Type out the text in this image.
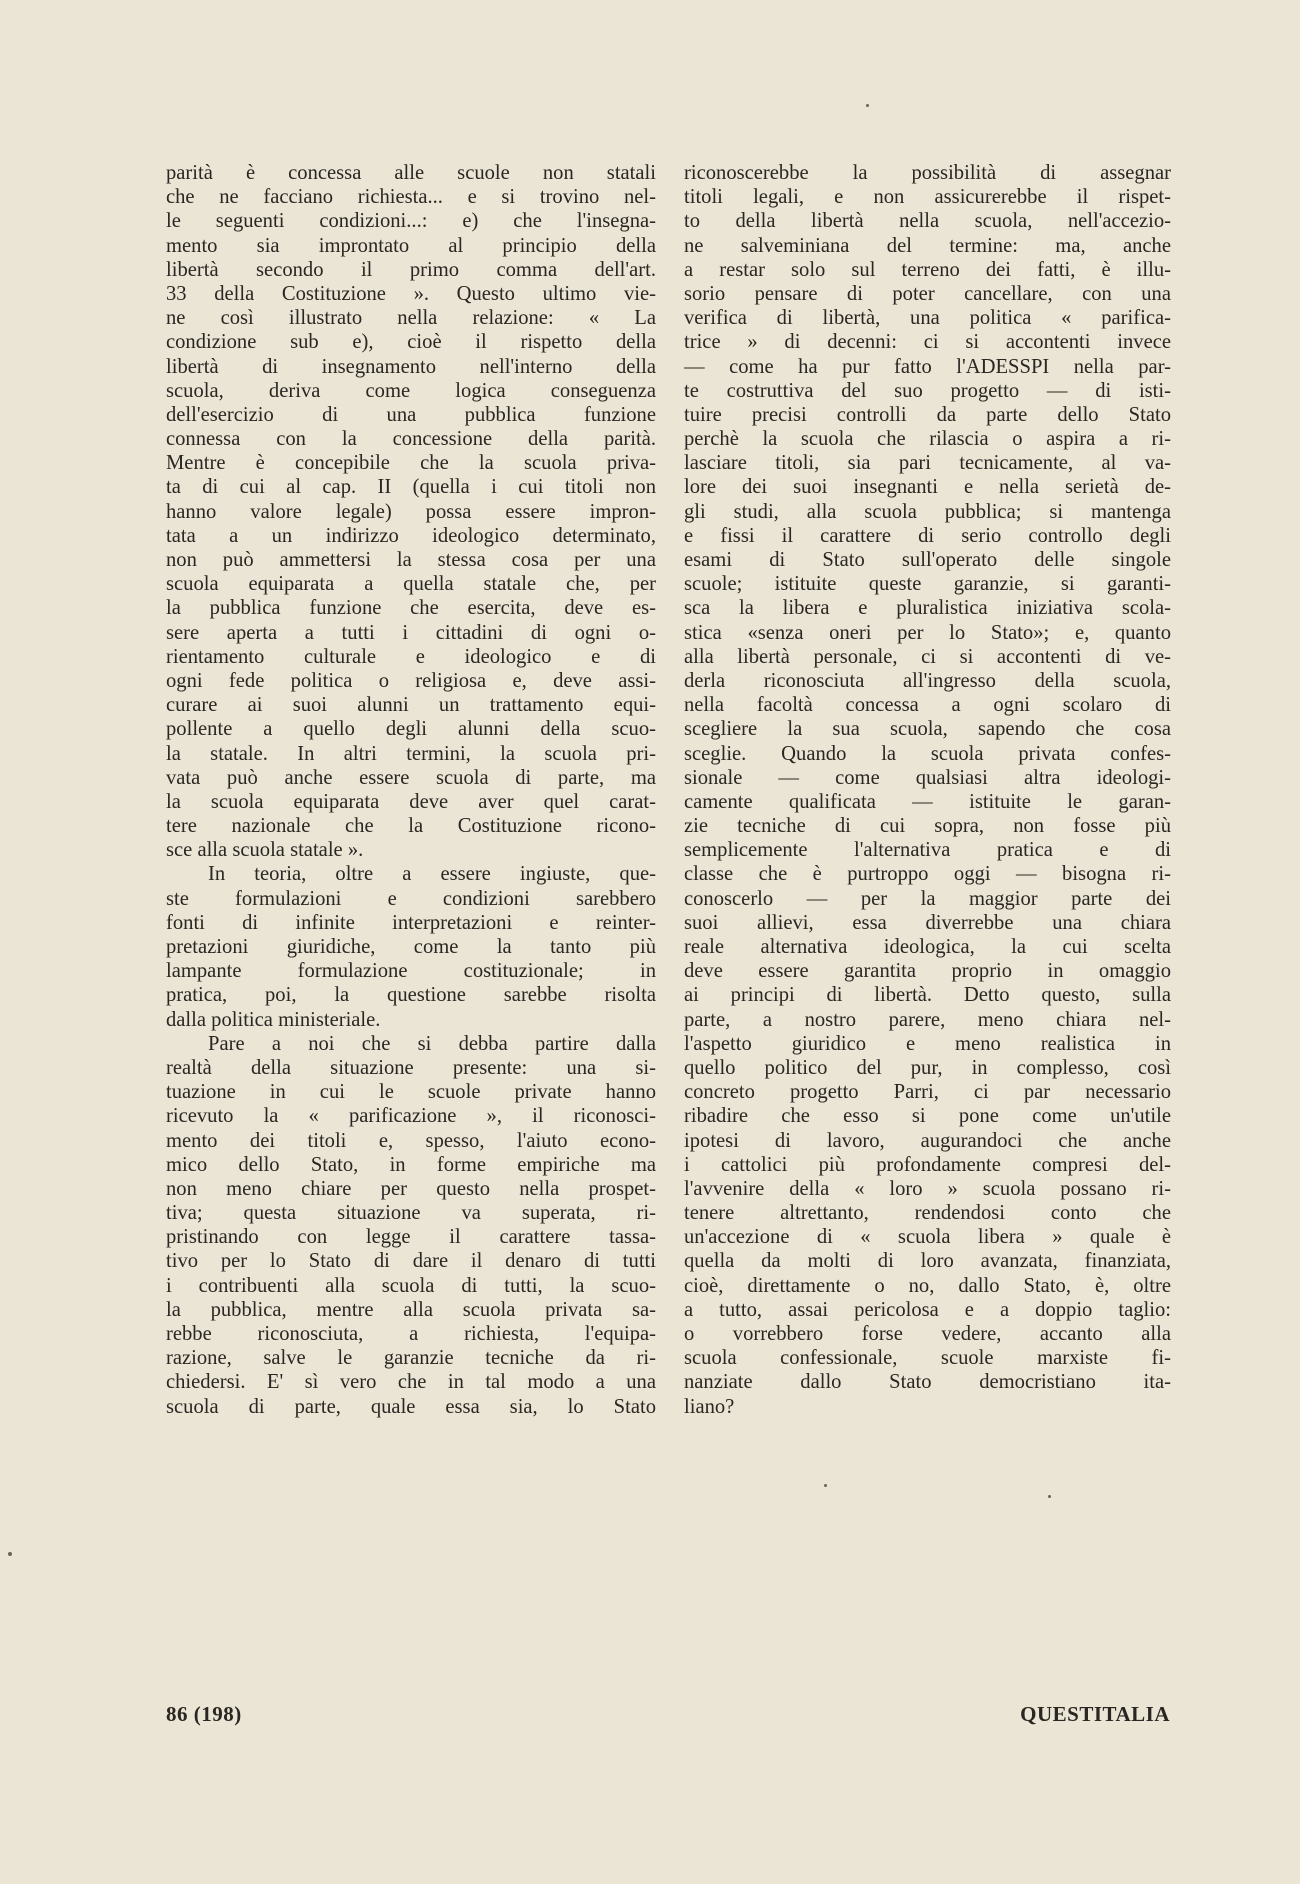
parità è concessa alle scuole non statali
che ne facciano richiesta... e si trovino nel-
le seguenti condizioni...: e) che l'insegna-
mento sia improntato al principio della
libertà secondo il primo comma dell'art.
33 della Costituzione ». Questo ultimo vie-
ne così illustrato nella relazione: « La
condizione sub e), cioè il rispetto della
libertà di insegnamento nell'interno della
scuola, deriva come logica conseguenza
dell'esercizio di una pubblica funzione
connessa con la concessione della parità.
Mentre è concepibile che la scuola priva-
ta di cui al cap. II (quella i cui titoli non
hanno valore legale) possa essere impron-
tata a un indirizzo ideologico determinato,
non può ammettersi la stessa cosa per una
scuola equiparata a quella statale che, per
la pubblica funzione che esercita, deve es-
sere aperta a tutti i cittadini di ogni o-
rientamento culturale e ideologico e di
ogni fede politica o religiosa e, deve assi-
curare ai suoi alunni un trattamento equi-
pollente a quello degli alunni della scuo-
la statale. In altri termini, la scuola pri-
vata può anche essere scuola di parte, ma
la scuola equiparata deve aver quel carat-
tere nazionale che la Costituzione ricono-
sce alla scuola statale ».
In teoria, oltre a essere ingiuste, que-
ste formulazioni e condizioni sarebbero
fonti di infinite interpretazioni e reinter-
pretazioni giuridiche, come la tanto più
lampante formulazione costituzionale; in
pratica, poi, la questione sarebbe risolta
dalla politica ministeriale.
Pare a noi che si debba partire dalla
realtà della situazione presente: una si-
tuazione in cui le scuole private hanno
ricevuto la « parificazione », il riconosci-
mento dei titoli e, spesso, l'aiuto econo-
mico dello Stato, in forme empiriche ma
non meno chiare per questo nella prospet-
tiva; questa situazione va superata, ri-
pristinando con legge il carattere tassa-
tivo per lo Stato di dare il denaro di tutti
i contribuenti alla scuola di tutti, la scuo-
la pubblica, mentre alla scuola privata sa-
rebbe riconosciuta, a richiesta, l'equipa-
razione, salve le garanzie tecniche da ri-
chiedersi. E' sì vero che in tal modo a una
scuola di parte, quale essa sia, lo Stato
riconoscerebbe la possibilità di assegnar
titoli legali, e non assicurerebbe il rispet-
to della libertà nella scuola, nell'accezio-
ne salveminiana del termine: ma, anche
a restar solo sul terreno dei fatti, è illu-
sorio pensare di poter cancellare, con una
verifica di libertà, una politica « parifica-
trice » di decenni: ci si accontenti invece
— come ha pur fatto l'ADESSPI nella par-
te costruttiva del suo progetto — di isti-
tuire precisi controlli da parte dello Stato
perchè la scuola che rilascia o aspira a ri-
lasciare titoli, sia pari tecnicamente, al va-
lore dei suoi insegnanti e nella serietà de-
gli studi, alla scuola pubblica; si mantenga
e fissi il carattere di serio controllo degli
esami di Stato sull'operato delle singole
scuole; istituite queste garanzie, si garanti-
sca la libera e pluralistica iniziativa scola-
stica «senza oneri per lo Stato»; e, quanto
alla libertà personale, ci si accontenti di ve-
derla riconosciuta all'ingresso della scuola,
nella facoltà concessa a ogni scolaro di
scegliere la sua scuola, sapendo che cosa
sceglie. Quando la scuola privata confes-
sionale — come qualsiasi altra ideologi-
camente qualificata — istituite le garan-
zie tecniche di cui sopra, non fosse più
semplicemente l'alternativa pratica e di
classe che è purtroppo oggi — bisogna ri-
conoscerlo — per la maggior parte dei
suoi allievi, essa diverrebbe una chiara
reale alternativa ideologica, la cui scelta
deve essere garantita proprio in omaggio
ai principi di libertà. Detto questo, sulla
parte, a nostro parere, meno chiara nel-
l'aspetto giuridico e meno realistica in
quello politico del pur, in complesso, così
concreto progetto Parri, ci par necessario
ribadire che esso si pone come un'utile
ipotesi di lavoro, augurandoci che anche
i cattolici più profondamente compresi del-
l'avvenire della « loro » scuola possano ri-
tenere altrettanto, rendendosi conto che
un'accezione di « scuola libera » quale è
quella da molti di loro avanzata, finanziata,
cioè, direttamente o no, dallo Stato, è, oltre
a tutto, assai pericolosa e a doppio taglio:
o vorrebbero forse vedere, accanto alla
scuola confessionale, scuole marxiste fi-
nanziate dallo Stato democristiano ita-
liano?
86 (198)	QUESTITALIA
